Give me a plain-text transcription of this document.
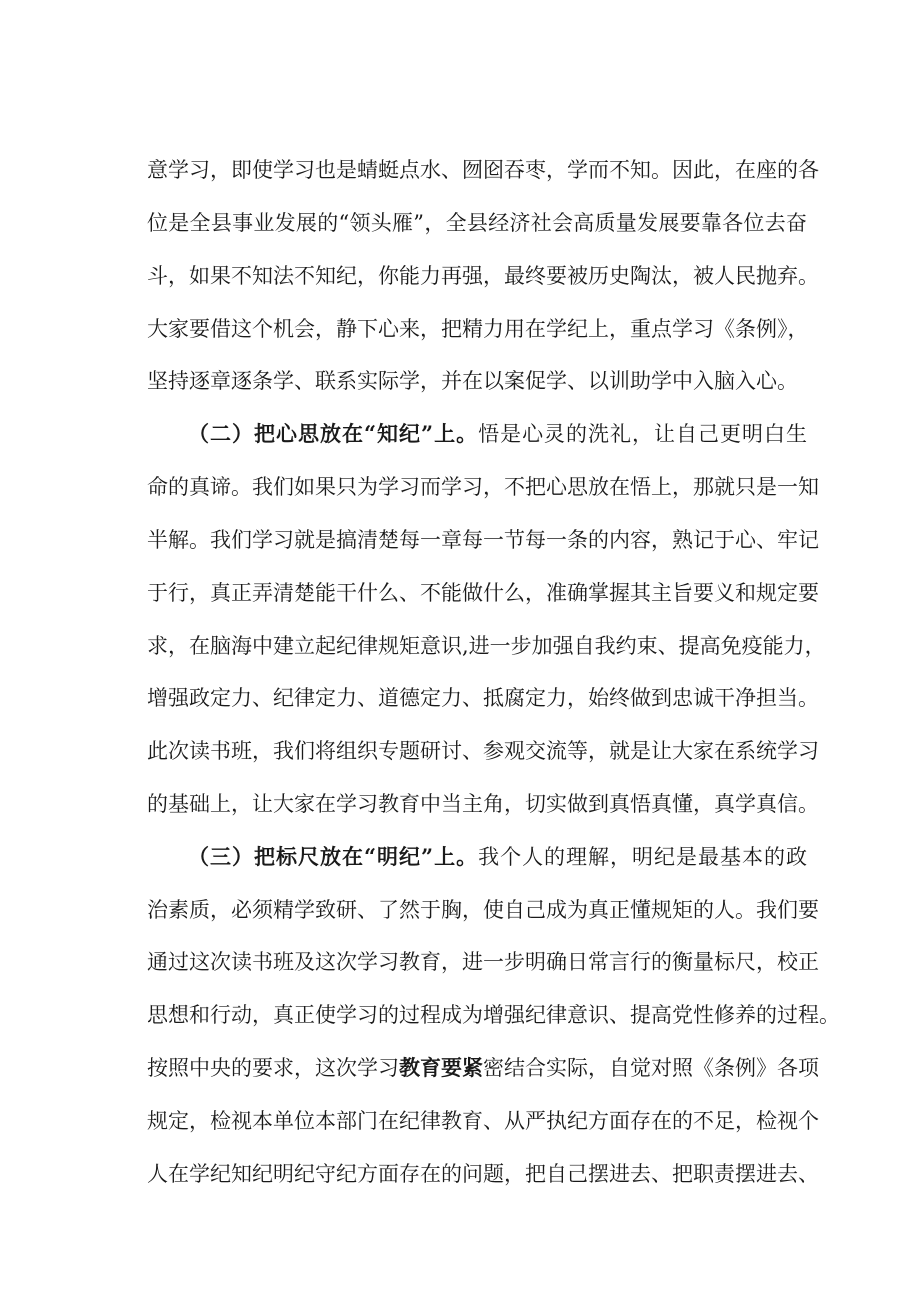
意学习，即使学习也是蜻蜓点水、囫囵吞枣，学而不知。因此，在座的各
位是全县事业发展的“领头雁”，全县经济社会高质量发展要靠各位去奋
斗，如果不知法不知纪，你能力再强，最终要被历史陶汰，被人民抛弃。
大家要借这个机会，静下心来，把精力用在学纪上，重点学习《条例》，
坚持逐章逐条学、联系实际学，并在以案促学、以训助学中入脑入心。
（二）把心思放在“知纪”上。悟是心灵的洗礼，让自己更明白生
命的真谛。我们如果只为学习而学习，不把心思放在悟上，那就只是一知
半解。我们学习就是搞清楚每一章每一节每一条的内容，熟记于心、牢记
于行，真正弄清楚能干什么、不能做什么，准确掌握其主旨要义和规定要
求，在脑海中建立起纪律规矩意识,进一步加强自我约束、提高免疫能力，
增强政定力、纪律定力、道德定力、抵腐定力，始终做到忠诚干净担当。
此次读书班，我们将组织专题研讨、参观交流等，就是让大家在系统学习
的基础上，让大家在学习教育中当主角，切实做到真悟真懂，真学真信。
（三）把标尺放在“明纪”上。我个人的理解，明纪是最基本的政
治素质，必须精学致研、了然于胸，使自己成为真正懂规矩的人。我们要
通过这次读书班及这次学习教育，进一步明确日常言行的衡量标尺，校正
思想和行动，真正使学习的过程成为增强纪律意识、提高党性修养的过程。
按照中央的要求，这次学习教育要紧密结合实际，自觉对照《条例》各项
规定，检视本单位本部门在纪律教育、从严执纪方面存在的不足，检视个
人在学纪知纪明纪守纪方面存在的问题，把自己摆进去、把职责摆进去、
